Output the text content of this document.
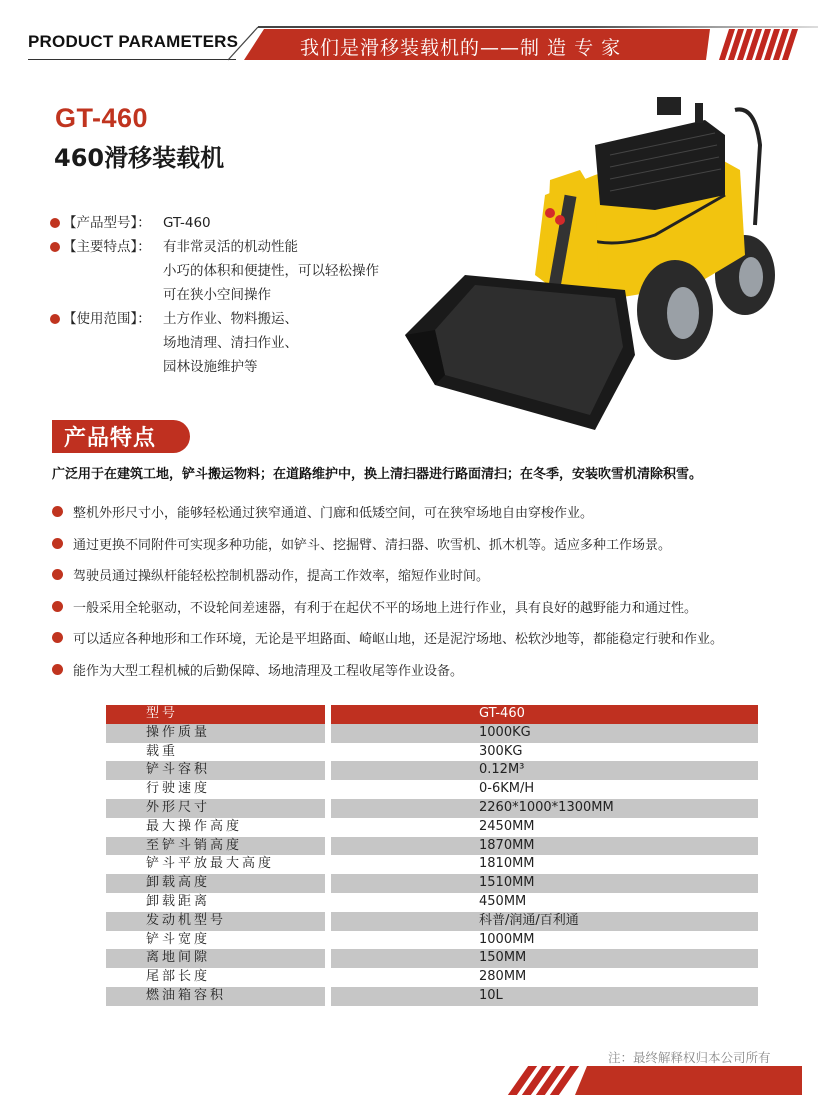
PRODUCT PARAMETERS	我们是滑移装载机的——制 造 专 家
GT-460
460滑移装载机
【产品型号】： GT-460
【主要特点】： 有非常灵活的机动性能
小巧的体积和便捷性，可以轻松操作
可在狭小空间操作
【使用范围】： 土方作业、物料搬运、
场地清理、清扫作业、
园林设施维护等
产品特点
广泛用于在建筑工地，铲斗搬运物料；在道路维护中，换上清扫器进行路面清扫；在冬季，安装吹雪机清除积雪。
整机外形尺寸小，能够轻松通过狭窄通道、门廊和低矮空间，可在狭窄场地自由穿梭作业。
通过更换不同附件可实现多种功能，如铲斗、挖掘臂、清扫器、吹雪机、抓木机等。适应多种工作场景。
驾驶员通过操纵杆能轻松控制机器动作，提高工作效率，缩短作业时间。
一般采用全轮驱动，不设轮间差速器，有利于在起伏不平的场地上进行作业，具有良好的越野能力和通过性。
可以适应各种地形和工作环境，无论是平坦路面、崎岖山地，还是泥泞场地、松软沙地等，都能稳定行驶和作业。
能作为大型工程机械的后勤保障、场地清理及工程收尾等作业设备。
型号	GT-460
操作质量	1000KG
载重	300KG
铲斗容积	0.12M³
行驶速度	0-6KM/H
外形尺寸	2260*1000*1300MM
最大操作高度	2450MM
至铲斗销高度	1870MM
铲斗平放最大高度	1810MM
卸载高度	1510MM
卸载距离	450MM
发动机型号	科普/润通/百利通
铲斗宽度	1000MM
离地间隙	150MM
尾部长度	280MM
燃油箱容积	10L
注：最终解释权归本公司所有
